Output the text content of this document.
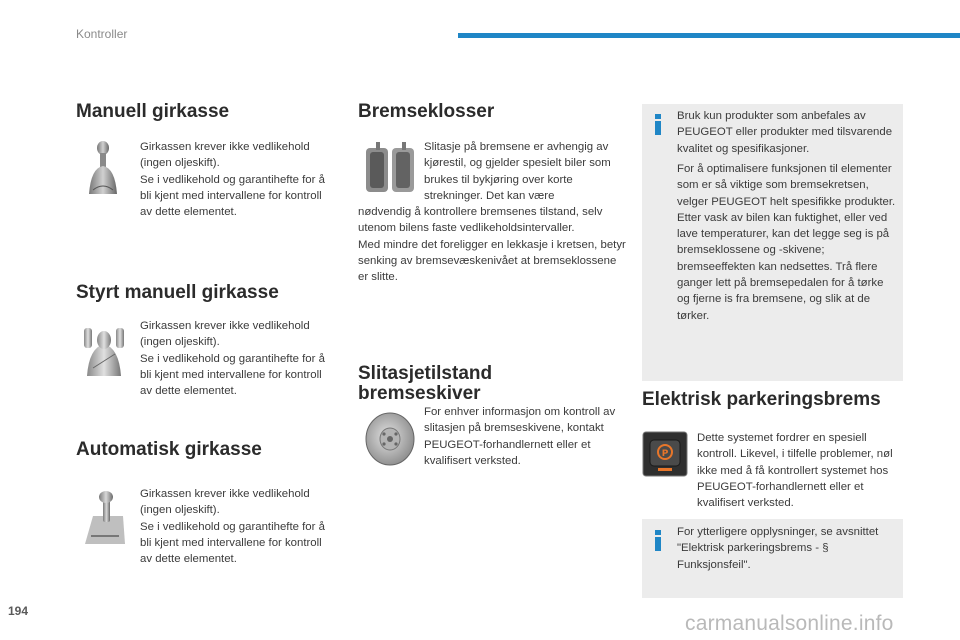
Kontroller
194
carmanualsonline.info
Manuell girkasse

Girkassen krever ikke vedlikehold (ingen oljeskift).
Se i vedlikehold og garantihefte for å bli kjent med intervallene for kontroll av dette elementet.

Styrt manuell girkasse

Girkassen krever ikke vedlikehold (ingen oljeskift).
Se i vedlikehold og garantihefte for å bli kjent med intervallene for kontroll av dette elementet.

Automatisk girkasse

Girkassen krever ikke vedlikehold (ingen oljeskift).
Se i vedlikehold og garantihefte for å bli kjent med intervallene for kontroll av dette elementet.

Bremseklosser

Slitasje på bremsene er avhengig av kjørestil, og gjelder spesielt biler som brukes til bykjøring over korte strekninger. Det kan være

nødvendig å kontrollere bremsenes tilstand, selv utenom bilens faste vedlikeholdsintervaller.
Med mindre det foreligger en lekkasje i kretsen, betyr senking av bremsevæskenivået at bremseklossene er slitte.

Slitasjetilstand bremseskiver

For enhver informasjon om kontroll av slitasjen på bremseskivene, kontakt PEUGEOT-forhandlernett eller et kvalifisert verksted.

Bruk kun produkter som anbefales av PEUGEOT eller produkter med tilsvarende kvalitet og spesifikasjoner.

For å optimalisere funksjonen til elementer som er så viktige som bremsekretsen, velger PEUGEOT helt spesifikke produkter.
Etter vask av bilen kan fuktighet, eller ved lave temperaturer, kan det legge seg is på bremseklossene og -skivene; bremseeffekten kan nedsettes. Trå flere ganger lett på bremsepedalen for å tørke og fjerne is fra bremsene, og slik at de tørker.

Elektrisk parkeringsbrems
P

Dette systemet fordrer en spesiell kontroll. Likevel, i tilfelle problemer, nøl ikke med å få kontrollert systemet hos PEUGEOT-forhandlernett eller et kvalifisert verksted.

For ytterligere opplysninger, se avsnittet "Elektrisk parkeringsbrems - § Funksjonsfeil".
